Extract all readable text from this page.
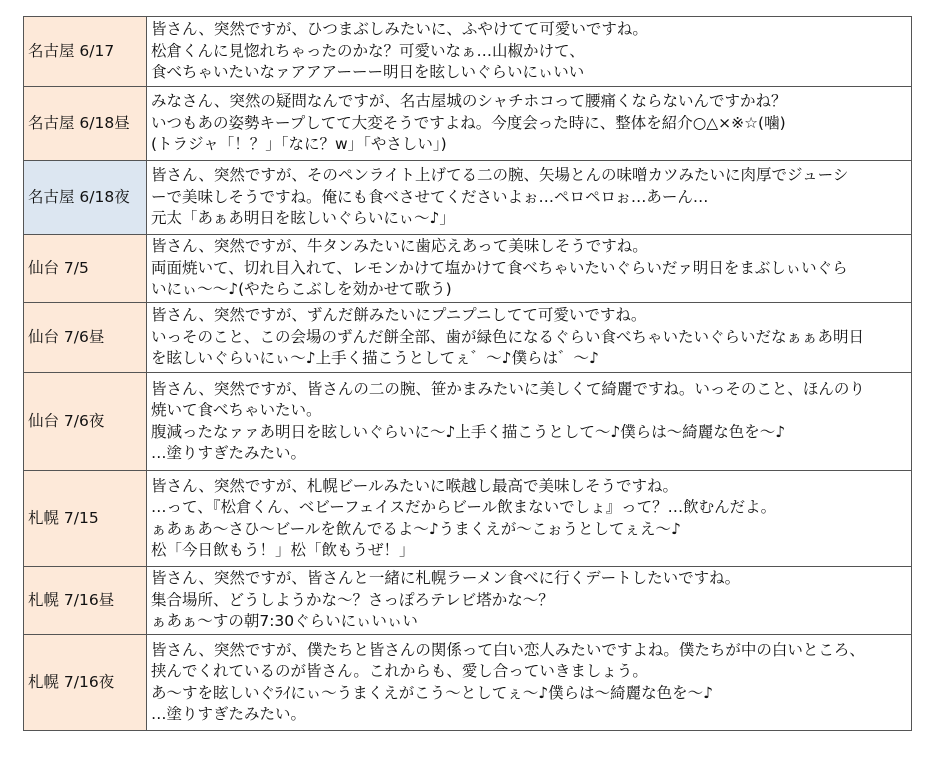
名古屋 6/17	皆さん、突然ですが、ひつまぶしみたいに、ふやけてて可愛いですね。
松倉くんに見惚れちゃったのかな？可愛いなぁ…山椒かけて、
食べちゃいたいなァアアアーーー明日を眩しいぐらいにぃいい

名古屋 6/18昼	みなさん、突然の疑問なんですが、名古屋城のシャチホコって腰痛くならないんですかね？
いつもあの姿勢キープしてて大変そうですよね。今度会った時に、整体を紹介○△×※☆(噛)
(トラジャ「！？」「なに？w」「やさしい」)

名古屋 6/18夜	皆さん、突然ですが、そのペンライト上げてる二の腕、矢場とんの味噌カツみたいに肉厚でジューシ
ーで美味しそうですね。俺にも食べさせてくださいよぉ…ペロペロぉ…あーん…
元太「あぁあ明日を眩しいぐらいにぃ～♪」

仙台 7/5	皆さん、突然ですが、牛タンみたいに歯応えあって美味しそうですね。
両面焼いて、切れ目入れて、レモンかけて塩かけて食べちゃいたいぐらいだァ明日をまぶしぃいぐら
いにぃ～～♪(やたらこぶしを効かせて歌う)

仙台 7/6昼	皆さん、突然ですが、ずんだ餅みたいにプニプニしてて可愛いですね。
いっそのこと、この会場のずんだ餅全部、歯が緑色になるぐらい食べちゃいたいぐらいだなぁぁあ明日
を眩しいぐらいにぃ～♪上手く描こうとしてぇ゛～♪僕らは゛～♪

仙台 7/6夜	皆さん、突然ですが、皆さんの二の腕、笹かまみたいに美しくて綺麗ですね。いっそのこと、ほんのり
焼いて食べちゃいたい。
腹減ったなァァあ明日を眩しいぐらいに～♪上手く描こうとして～♪僕らは～綺麗な色を～♪
…塗りすぎたみたい。

札幌 7/15	皆さん、突然ですが、札幌ビールみたいに喉越し最高で美味しそうですね。
…って、『松倉くん、ベビーフェイスだからビール飲まないでしょ』って？…飲むんだよ。
ぁあぁあ～さひ～ビールを飲んでるよ～♪うまくえが～こぉうとしてぇえ～♪
松「今日飲もう！」松「飲もうぜ！」

札幌 7/16昼	皆さん、突然ですが、皆さんと一緒に札幌ラーメン食べに行くデートしたいですね。
集合場所、どうしようかな～？さっぽろテレビ塔かな～？
ぁあぁ～すの朝7:30ぐらいにぃいぃい

札幌 7/16夜	皆さん、突然ですが、僕たちと皆さんの関係って白い恋人みたいですよね。僕たちが中の白いところ、
挟んでくれているのが皆さん。これからも、愛し合っていきましょう。
あ～すを眩しいぐﾗｲにぃ～うまくえがこう～としてぇ～♪僕らは～綺麗な色を～♪
…塗りすぎたみたい。
